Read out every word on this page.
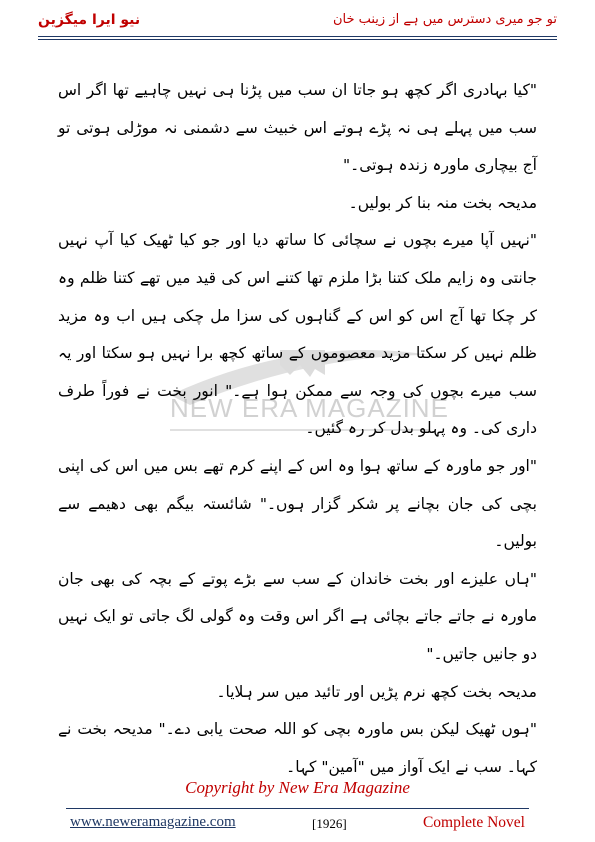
نیو ایرا میگزین	تو جو میری دسترس میں ہے از زینب خان
NEW ERA MAGAZINE

"کیا بہادری اگر کچھ ہو جاتا ان سب میں پڑنا ہی نہیں چاہیے تھا اگر اس سب میں پہلے ہی نہ پڑے ہوتے اس خبیث سے دشمنی نہ موڑلی ہوتی تو آج بیچاری ماورہ زندہ ہوتی۔"

مدیحہ بخت منہ بنا کر بولیں۔

"نہیں آپا میرے بچوں نے سچائی کا ساتھ دیا اور جو کیا ٹھیک کیا آپ نہیں جانتی وہ زایم ملک کتنا بڑا ملزم تھا کتنے اس کی قید میں تھے کتنا ظلم وہ کر چکا تھا آج اس کو اس کے گناہوں کی سزا مل چکی ہیں اب وہ مزید ظلم نہیں کر سکتا مزید معصوموں کے ساتھ کچھ برا نہیں ہو سکتا اور یہ سب میرے بچوں کی وجہ سے ممکن ہوا ہے۔" انور بخت نے فوراً طرف داری کی۔ وہ پہلو بدل کر رہ گئیں۔

"اور جو ماورہ کے ساتھ ہوا وہ اس کے اپنے کرم تھے بس میں اس کی اپنی بچی کی جان بچانے پر شکر گزار ہوں۔" شائستہ بیگم بھی دھیمے سے بولیں۔

"ہاں علیزے اور بخت خاندان کے سب سے بڑے پوتے کے بچہ کی بھی جان ماورہ نے جاتے جاتے بچائی ہے اگر اس وقت وہ گولی لگ جاتی تو ایک نہیں دو جانیں جاتیں۔"

مدیحہ بخت کچھ نرم پڑیں اور تائید میں سر ہلایا۔

"ہوں ٹھیک لیکن بس ماورہ بچی کو اللہ صحت یابی دے۔" مدیحہ بخت نے کہا۔ سب نے ایک آواز میں "آمین" کہا۔

Copyright by New Era Magazine
www.neweramagazine.com	[1926]	Complete Novel
